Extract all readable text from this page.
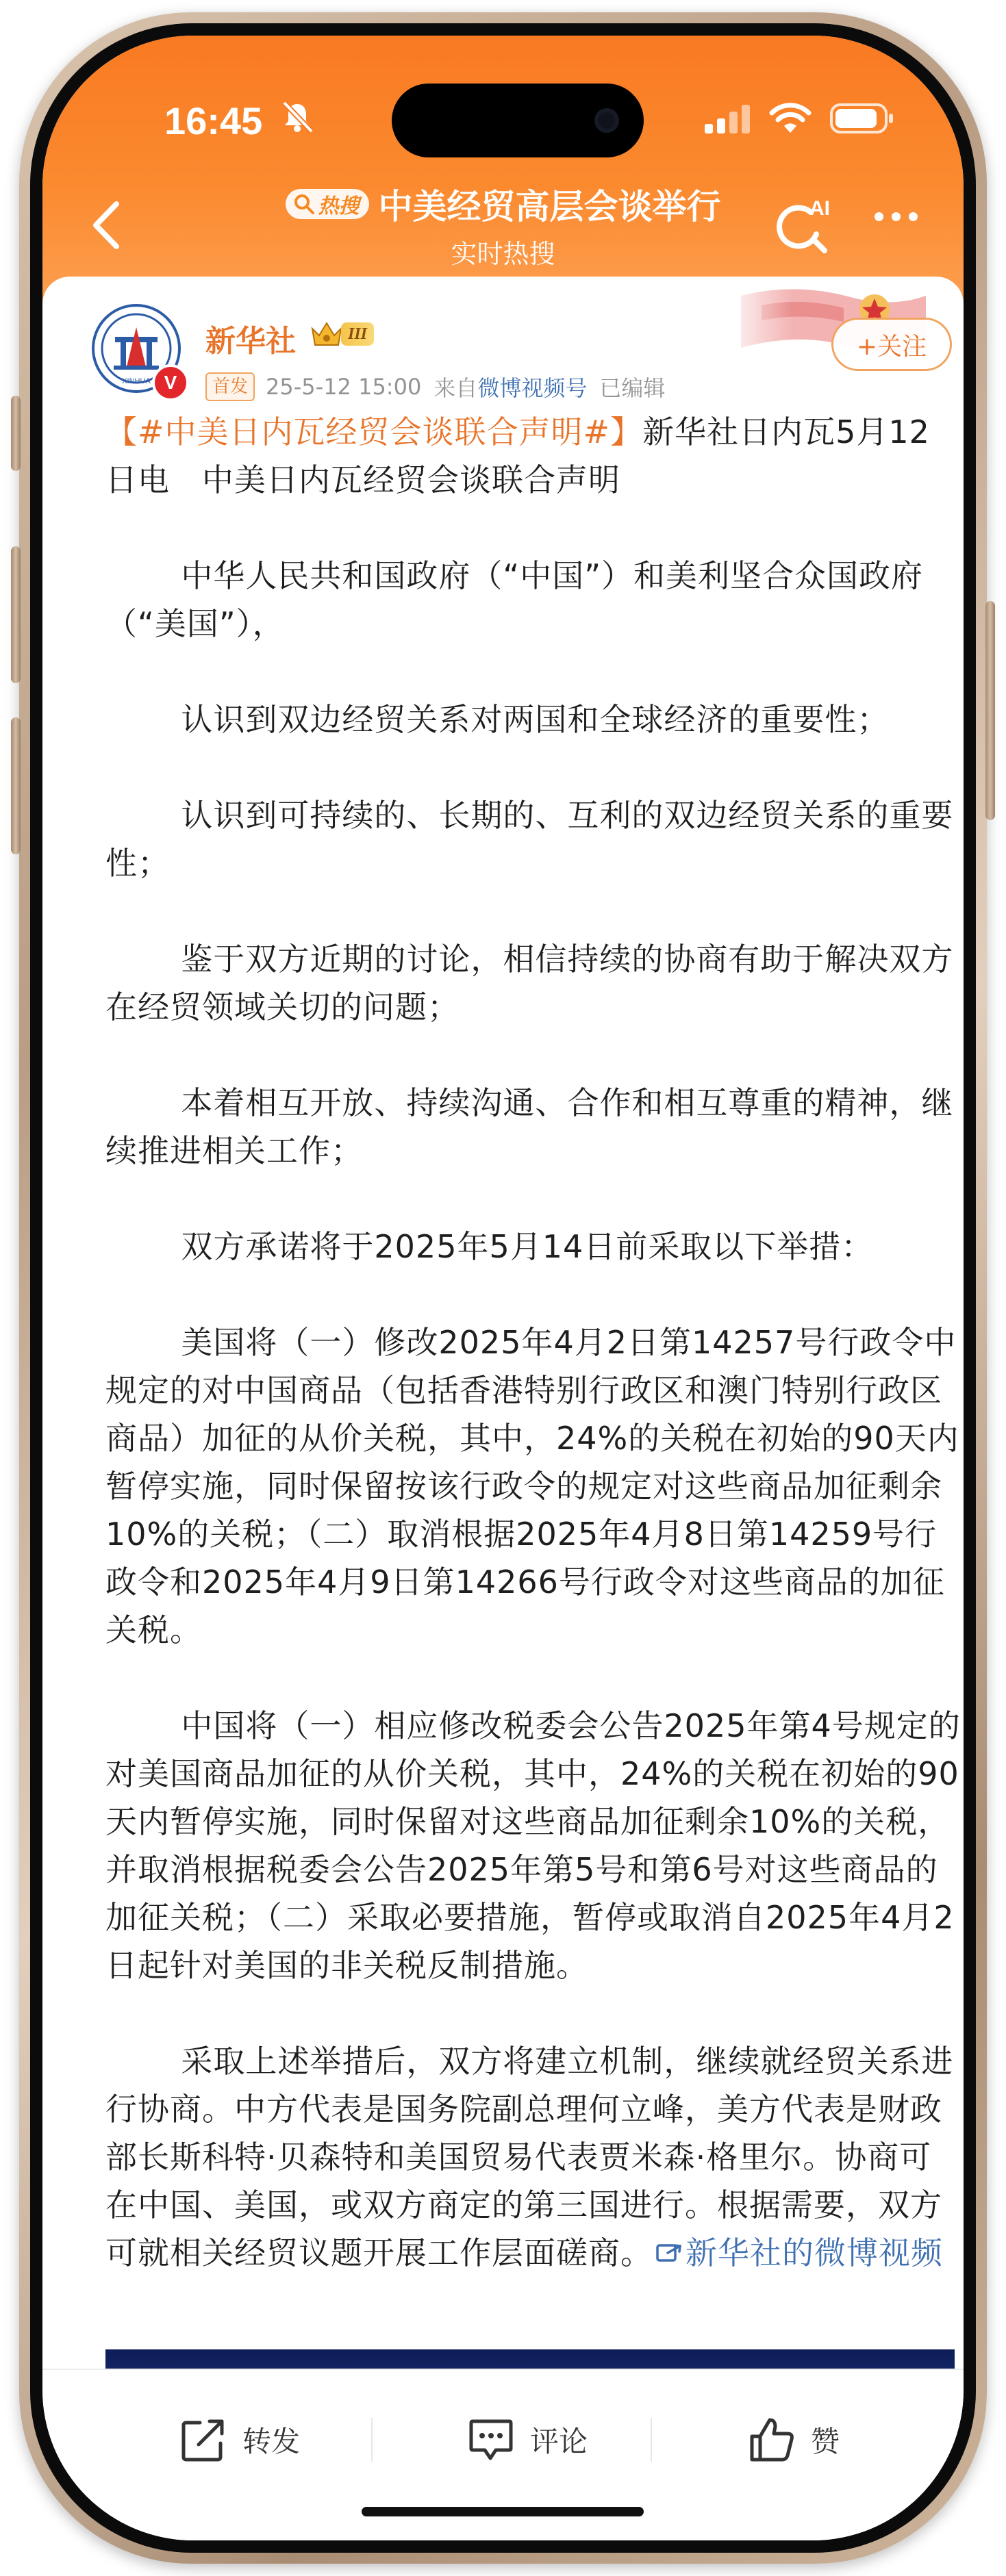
16:45
热搜 中美经贸高层会谈举行
实时热搜
AI
XINHUA V
新华社	III
首发 25-5-12 15:00 来自 微博视频号 已编辑
+关注

【#中美日内瓦经贸会谈联合声明#】新华社日内瓦5月12日电　中美日内瓦经贸会谈联合声明

中华人民共和国政府（“中国”）和美利坚合众国政府（“美国”），

认识到双边经贸关系对两国和全球经济的重要性；

认识到可持续的、长期的、互利的双边经贸关系的重要性；

鉴于双方近期的讨论，相信持续的协商有助于解决双方在经贸领域关切的问题；

本着相互开放、持续沟通、合作和相互尊重的精神，继续推进相关工作；

双方承诺将于2025年5月14日前采取以下举措：

美国将（一）修改2025年4月2日第14257号行政令中规定的对中国商品（包括香港特别行政区和澳门特别行政区商品）加征的从价关税，其中，24%的关税在初始的90天内暂停实施，同时保留按该行政令的规定对这些商品加征剩余10%的关税；（二）取消根据2025年4月8日第14259号行政令和2025年4月9日第14266号行政令对这些商品的加征关税。

中国将（一）相应修改税委会公告2025年第4号规定的对美国商品加征的从价关税，其中，24%的关税在初始的90天内暂停实施，同时保留对这些商品加征剩余10%的关税，并取消根据税委会公告2025年第5号和第6号对这些商品的加征关税；（二）采取必要措施，暂停或取消自2025年4月2日起针对美国的非关税反制措施。

采取上述举措后，双方将建立机制，继续就经贸关系进行协商。中方代表是国务院副总理何立峰，美方代表是财政部长斯科特·贝森特和美国贸易代表贾米森·格里尔。协商可在中国、美国，或双方商定的第三国进行。根据需要，双方可就相关经贸议题开展工作层面磋商。 新华社的微博视频

转发	评论	赞
